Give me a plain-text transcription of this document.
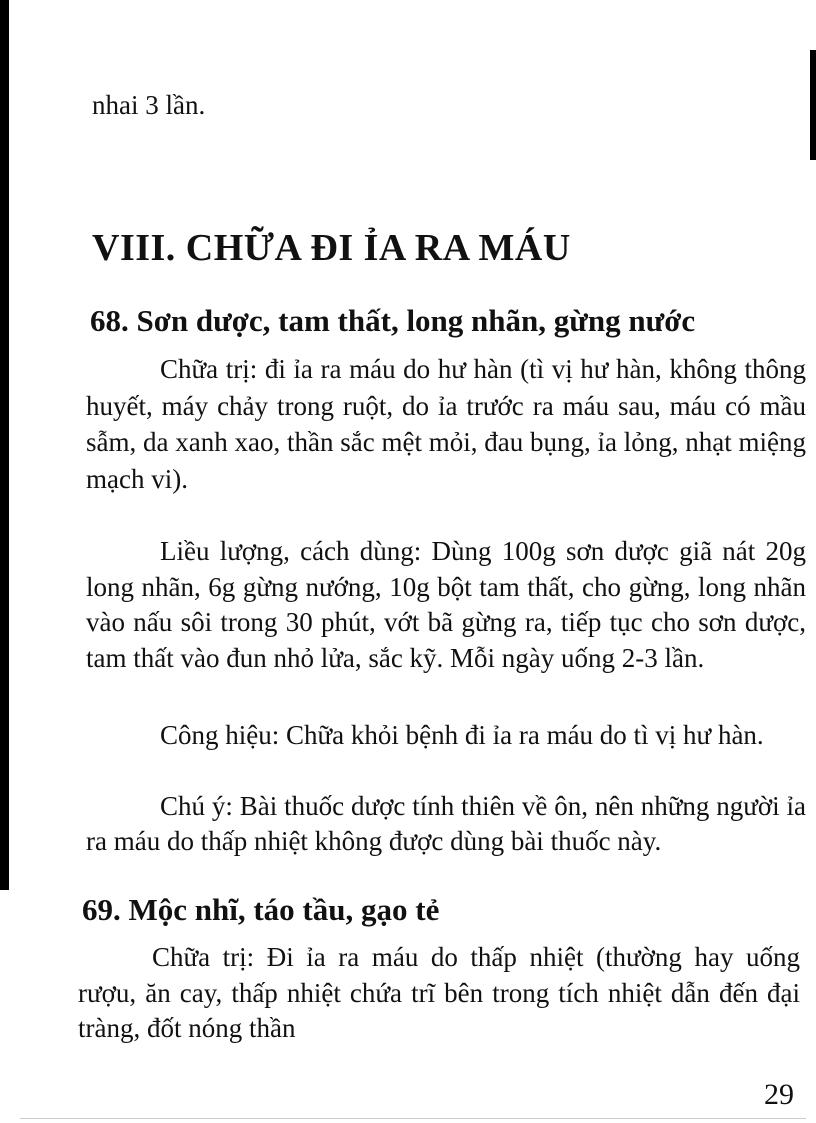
nhai 3 lần.
VIII. CHỮA ĐI ỈA RA MÁU
68. Sơn dược, tam thất, long nhãn, gừng nước

Chữa trị: đi ỉa ra máu do hư hàn (tì vị hư hàn, không thông huyết, máy chảy trong ruột, do ỉa trước ra máu sau, máu có mầu sẫm, da xanh xao, thần sắc mệt mỏi, đau bụng, ỉa lỏng, nhạt miệng mạch vi).

Liều lượng, cách dùng: Dùng 100g sơn dược giã nát 20g long nhãn, 6g gừng nướng, 10g bột tam thất, cho gừng, long nhãn vào nấu sôi trong 30 phút, vớt bã gừng ra, tiếp tục cho sơn dược, tam thất vào đun nhỏ lửa, sắc kỹ. Mỗi ngày uống 2-3 lần.

Công hiệu: Chữa khỏi bệnh đi ỉa ra máu do tì vị hư hàn.

Chú ý: Bài thuốc dược tính thiên về ôn, nên những người ỉa ra máu do thấp nhiệt không được dùng bài thuốc này.

69. Mộc nhĩ, táo tầu, gạo tẻ

Chữa trị: Đi ỉa ra máu do thấp nhiệt (thường hay uống rượu, ăn cay, thấp nhiệt chứa trĩ bên trong tích nhiệt dẫn đến đại tràng, đốt nóng thần

29
